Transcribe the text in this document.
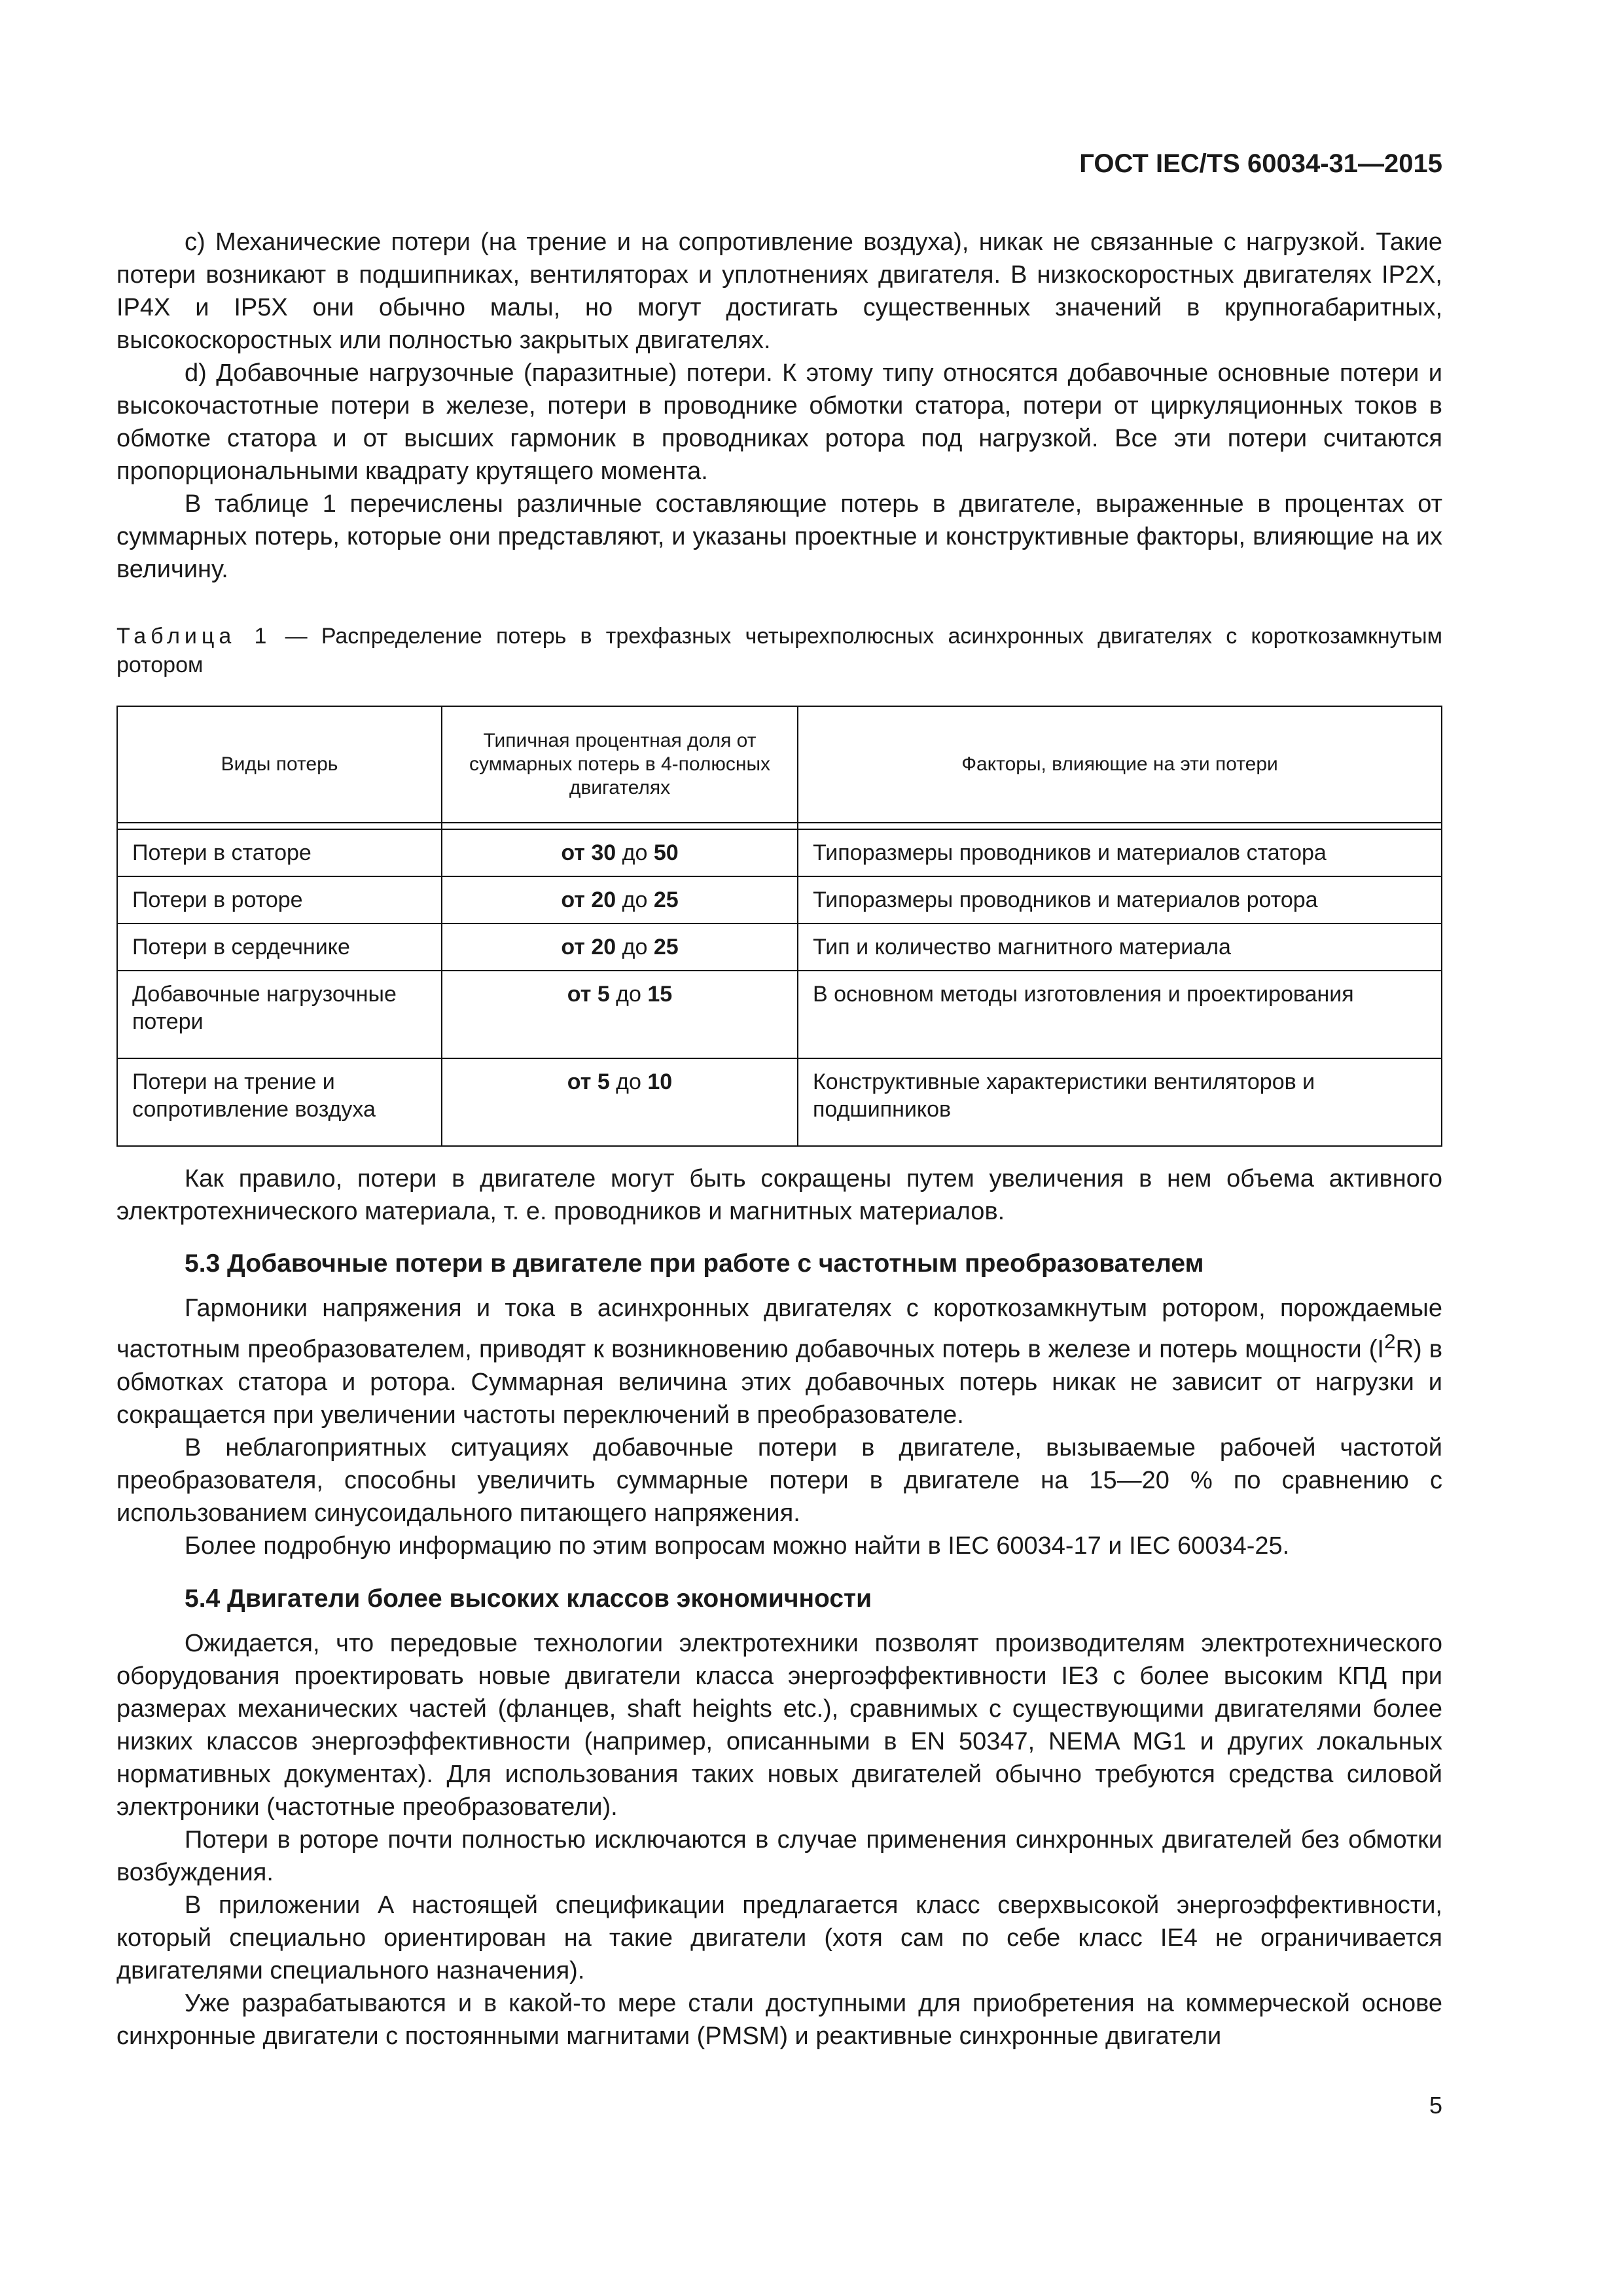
ГОСТ IEC/TS 60034-31—2015

c) Механические потери (на трение и на сопротивление воздуха), никак не связанные с нагрузкой. Такие потери возникают в подшипниках, вентиляторах и уплотнениях двигателя. В низкоскоростных двигателях IP2X, IP4X и IP5X они обычно малы, но могут достигать существенных значений в крупногабаритных, высокоскоростных или полностью закрытых двигателях.

d) Добавочные нагрузочные (паразитные) потери. К этому типу относятся добавочные основные потери и высокочастотные потери в железе, потери в проводнике обмотки статора, потери от циркуляционных токов в обмотке статора и от высших гармоник в проводниках ротора под нагрузкой. Все эти потери считаются пропорциональными квадрату крутящего момента.

В таблице 1 перечислены различные составляющие потерь в двигателе, выраженные в процентах от суммарных потерь, которые они представляют, и указаны проектные и конструктивные факторы, влияющие на их величину.

Таблица 1 — Распределение потерь в трехфазных четырехполюсных асинхронных двигателях с короткозамкнутым ротором
Виды потерь	Типичная процентная доля от суммарных потерь в 4-полюсных двигателях	Факторы, влияющие на эти потери

Потери в статоре	от 30 до 50	Типоразмеры проводников и материалов статора
Потери в роторе	от 20 до 25	Типоразмеры проводников и материалов ротора
Потери в сердечнике	от 20 до 25	Тип и количество магнитного материала
Добавочные нагрузочные потери	от 5 до 15	В основном методы изготовления и проектирования
Потери на трение и сопротивление воздуха	от 5 до 10	Конструктивные характеристики вентиляторов и подшипников

Как правило, потери в двигателе могут быть сокращены путем увеличения в нем объема активного электротехнического материала, т. е. проводников и магнитных материалов.

5.3 Добавочные потери в двигателе при работе с частотным преобразователем

Гармоники напряжения и тока в асинхронных двигателях с короткозамкнутым ротором, порождаемые частотным преобразователем, приводят к возникновению добавочных потерь в железе и потерь мощности $(I^2R)$ в обмотках статора и ротора. Суммарная величина этих добавочных потерь никак не зависит от нагрузки и сокращается при увеличении частоты переключений в преобразователе.

В неблагоприятных ситуациях добавочные потери в двигателе, вызываемые рабочей частотой преобразователя, способны увеличить суммарные потери в двигателе на 15—20 % по сравнению с использованием синусоидального питающего напряжения.

Более подробную информацию по этим вопросам можно найти в IEC 60034-17 и IEC 60034-25.

5.4 Двигатели более высоких классов экономичности

Ожидается, что передовые технологии электротехники позволят производителям электротехнического оборудования проектировать новые двигатели класса энергоэффективности IE3 с более высоким КПД при размерах механических частей (фланцев, shaft heights etc.), сравнимых с существующими двигателями более низких классов энергоэффективности (например, описанными в EN 50347, NEMA MG1 и других локальных нормативных документах). Для использования таких новых двигателей обычно требуются средства силовой электроники (частотные преобразователи).

Потери в роторе почти полностью исключаются в случае применения синхронных двигателей без обмотки возбуждения.

В приложении А настоящей спецификации предлагается класс сверхвысокой энергоэффективности, который специально ориентирован на такие двигатели (хотя сам по себе класс IE4 не ограничивается двигателями специального назначения).

Уже разрабатываются и в какой-то мере стали доступными для приобретения на коммерческой основе синхронные двигатели с постоянными магнитами (PMSM) и реактивные синхронные двигатели

5
